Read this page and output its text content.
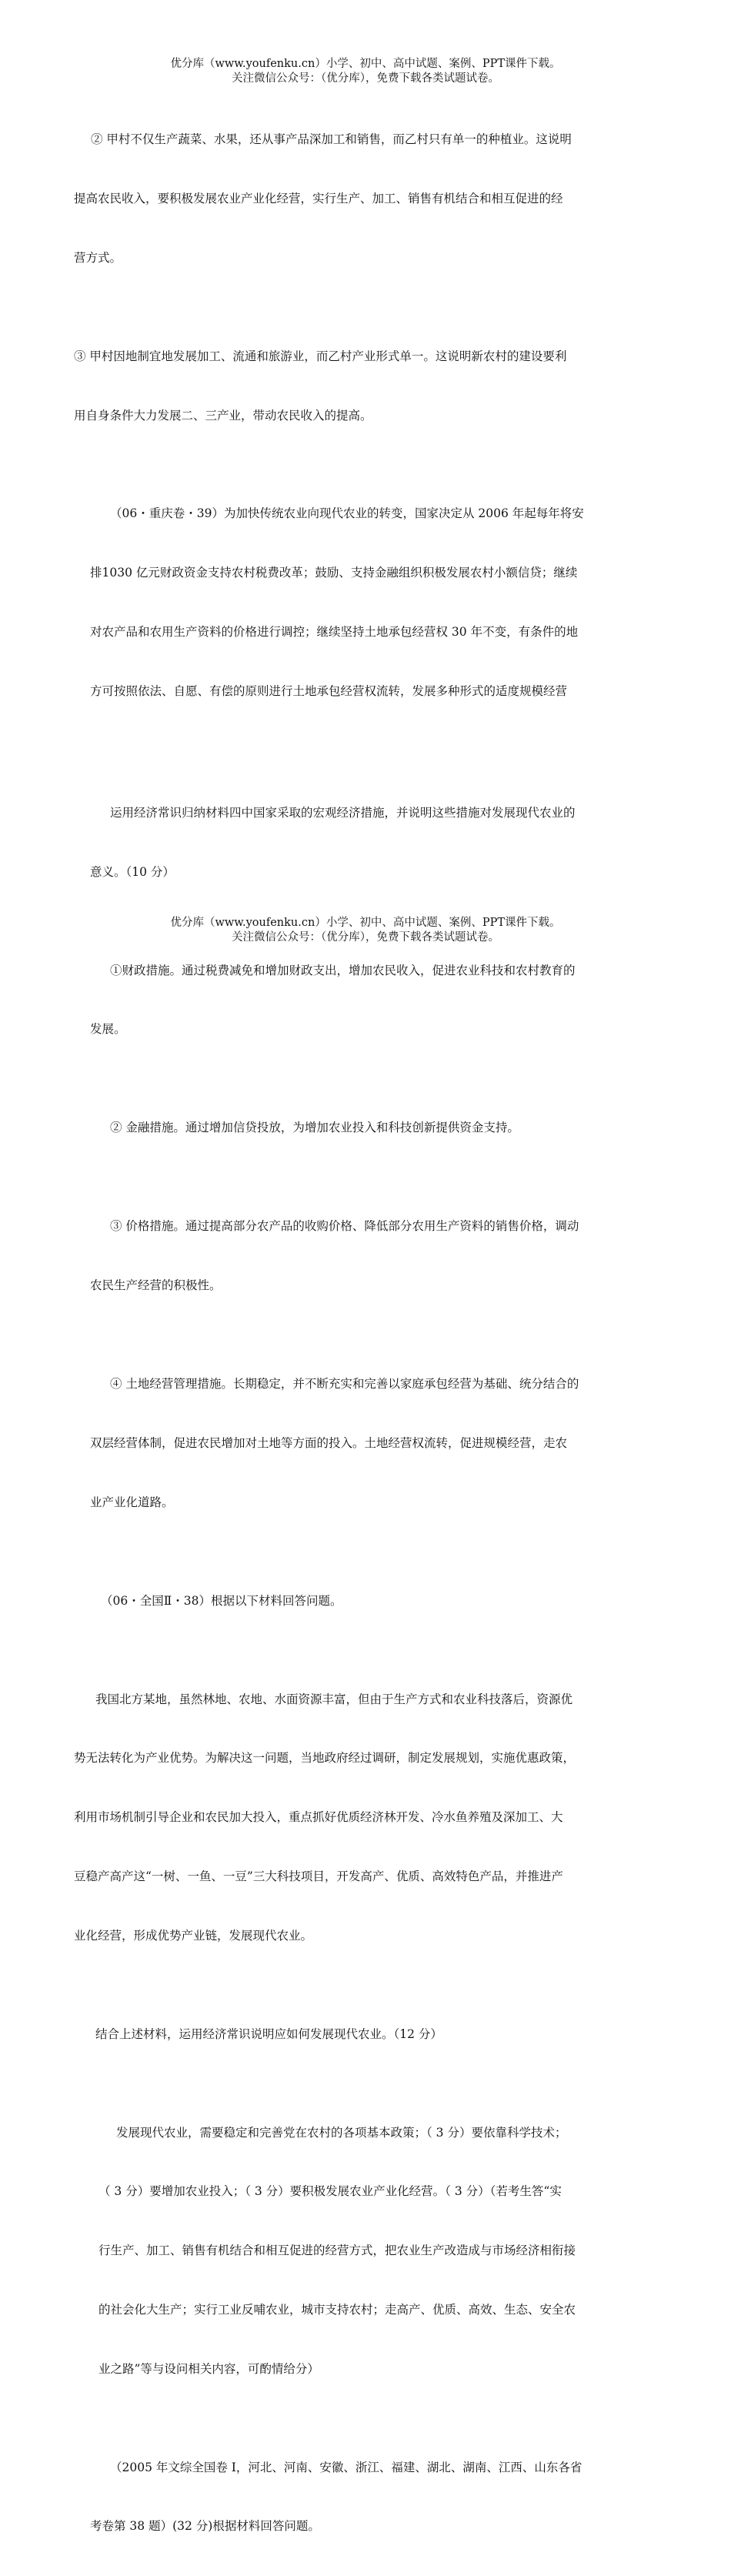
优分库（www.youfenku.cn）小学、初中、高中试题、案例、PPT课件下载。
关注微信公众号：（优分库），免费下载各类试题试卷。

② 甲村不仅生产蔬菜、水果，还从事产品深加工和销售，而乙村只有单一的种植业。这说明

提高农民收入，要积极发展农业产业化经营，实行生产、加工、销售有机结合和相互促进的经

营方式。

③ 甲村因地制宜地发展加工、流通和旅游业，而乙村产业形式单一。这说明新农村的建设要利

用自身条件大力发展二、三产业，带动农民收入的提高。

（06・重庆卷・39）为加快传统农业向现代农业的转变，国家决定从 2006 年起每年将安

排1030 亿元财政资金支持农村税费改革；鼓励、支持金融组织积极发展农村小额信贷；继续

对农产品和农用生产资料的价格进行调控；继续坚持土地承包经营权 30 年不变，有条件的地

方可按照依法、自愿、有偿的原则进行土地承包经营权流转，发展多种形式的适度规模经营

运用经济常识归纳材料四中国家采取的宏观经济措施，并说明这些措施对发展现代农业的

意义。（10 分）

①财政措施。通过税费减免和增加财政支出，增加农民收入，促进农业科技和农村教育的

发展。

② 金融措施。通过增加信贷投放，为增加农业投入和科技创新提供资金支持。

③ 价格措施。通过提高部分农产品的收购价格、降低部分农用生产资料的销售价格，调动

农民生产经营的积极性。

④ 土地经营管理措施。长期稳定，并不断充实和完善以家庭承包经营为基础、统分结合的

双层经营体制，促进农民增加对土地等方面的投入。土地经营权流转，促进规模经营，走农

业产业化道路。

（06・全国Ⅱ・38）根据以下材料回答问题。

我国北方某地，虽然林地、农地、水面资源丰富，但由于生产方式和农业科技落后，资源优

势无法转化为产业优势。为解决这一问题，当地政府经过调研，制定发展规划，实施优惠政策，

利用市场机制引导企业和农民加大投入，重点抓好优质经济林开发、冷水鱼养殖及深加工、大

豆稳产高产这“一树、一鱼、一豆”三大科技项目，开发高产、优质、高效特色产品，并推进产

业化经营，形成优势产业链，发展现代农业。

结合上述材料，运用经济常识说明应如何发展现代农业。（12 分）

发展现代农业，需要稳定和完善党在农村的各项基本政策；（ 3 分）要依靠科学技术；

（ 3 分）要增加农业投入；（ 3 分）要积极发展农业产业化经营。（ 3 分）（若考生答“实

行生产、加工、销售有机结合和相互促进的经营方式，把农业生产改造成与市场经济相衔接

的社会化大生产；实行工业反哺农业，城市支持农村；走高产、优质、高效、生态、安全农

业之路”等与设问相关内容，可酌情给分）

（2005 年文综全国卷 I，河北、河南、安徽、浙江、福建、湖北、湖南、江西、山东各省

考卷第 38 题）(32 分)根据材料回答问题。

优分库（www.youfenku.cn）小学、初中、高中试题、案例、PPT课件下载。
关注微信公众号：（优分库），免费下载各类试题试卷。
